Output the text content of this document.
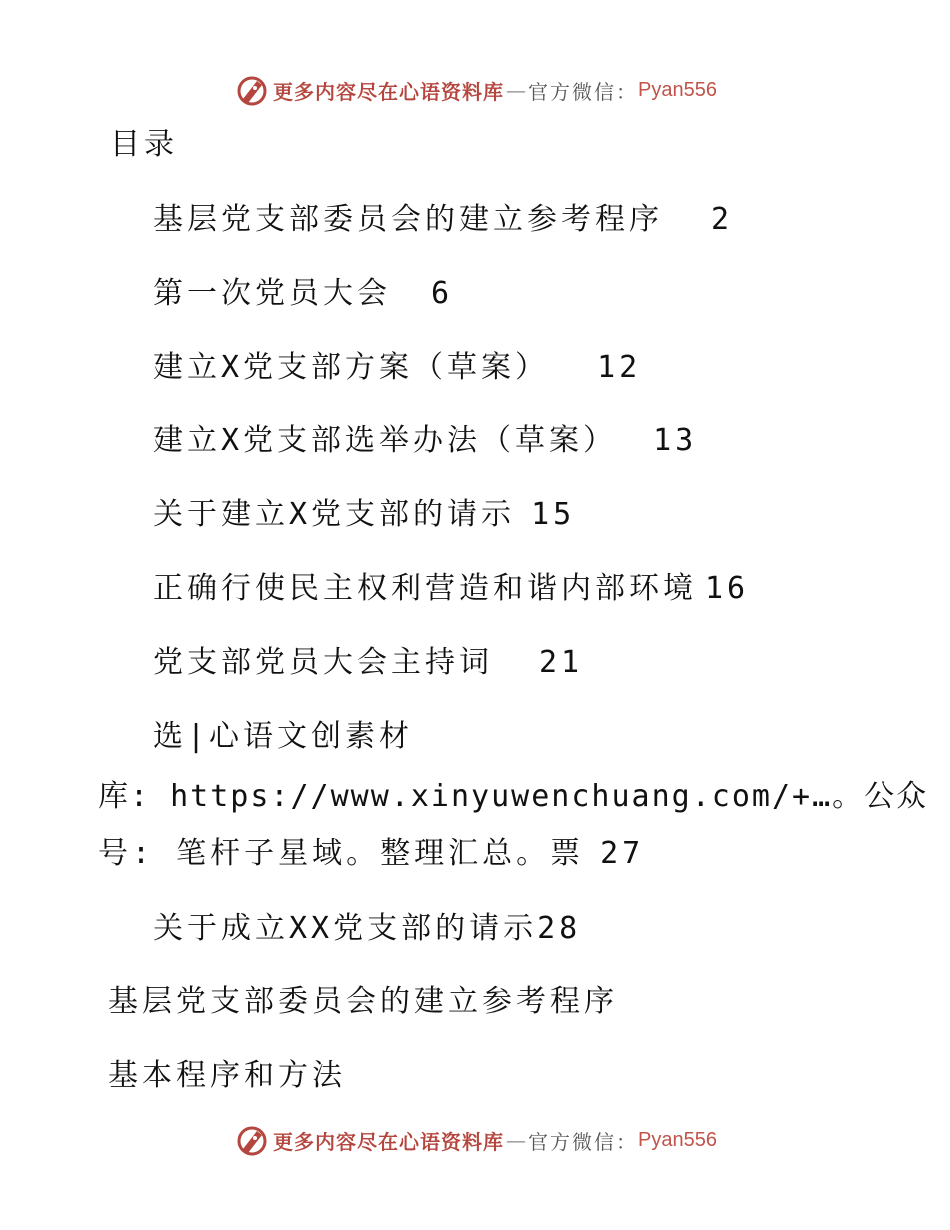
更多内容尽在心语资料库 — 官方微信： Pyan556
目录
基层党支部委员会的建立参考程序 2
第一次党员大会 6
建立X党支部方案（草案） 12
建立X党支部选举办法（草案） 13
关于建立X党支部的请示 15
正确行使民主权利营造和谐内部环境 16
党支部党员大会主持词 21
选|心语文创素材
库: https://www.xinyuwenchuang.com/+…。公众
号: 笔杆子星域。整理汇总。票 27
关于成立XX党支部的请示28
基层党支部委员会的建立参考程序
基本程序和方法
更多内容尽在心语资料库 — 官方微信： Pyan556
